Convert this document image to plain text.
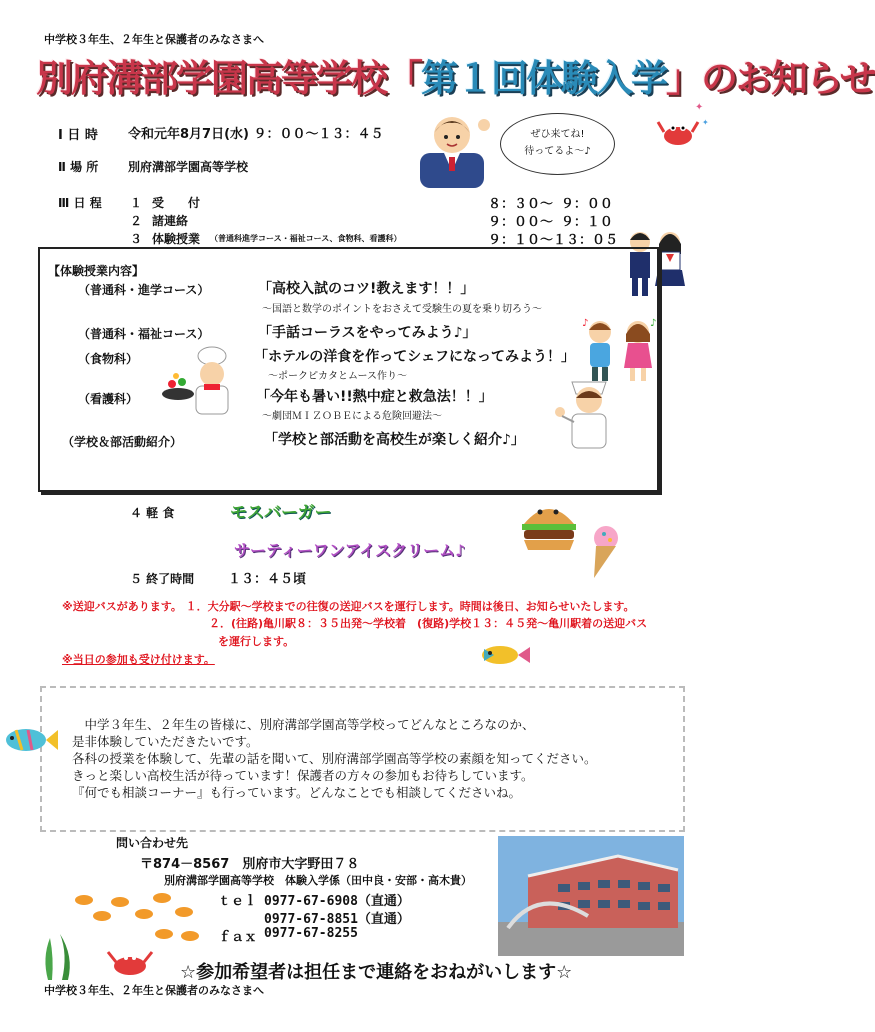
中学校３年生、２年生と保護者のみなさまへ
別府溝部学園高等学校「第１回体験入学」のお知らせ
✦
✦
ぜひ来てね!
待ってるよ～♪
Ⅰ 日 時 令和元年8月7日(水) ９：００～１３：４５
Ⅱ 場 所 別府溝部学園高等学校
Ⅲ 日 程 １ 受　　付	８：３０～ ９：００
２ 諸連絡	９：００～ ９：１０
３ 体験授業 （普通科進学コース・福祉コース、食物科、看護科）	９：１０～１３：０５
【体験授業内容】
（普通科・進学コース）	「高校入試のコツ!教えます！！」
～国語と数学のポイントをおさえて受験生の夏を乗り切ろう～
（普通科・福祉コース）	「手話コーラスをやってみよう♪」
（食物科）	「ホテルの洋食を作ってシェフになってみよう！」
～ポークピカタとムース作り～
（看護科）	「今年も暑い!!熱中症と救急法！！」
～劇団ＭＩＺＯＢＥによる危険回避法～
（学校＆部活動紹介）	「学校と部活動を高校生が楽しく紹介♪」
♪	♪
４ 軽 食	モスバーガー
サーティーワンアイスクリーム♪
５ 終了時間	１３：４５頃
※送迎バスがあります。 １．大分駅～学校までの往復の送迎バスを運行します。時間は後日、お知らせいたします。
２．(往路)亀川駅８：３５出発～学校着　(復路)学校１３：４５発～亀川駅着の送迎バス
を運行します。
※当日の参加も受け付けます。
　中学３年生、２年生の皆様に、別府溝部学園高等学校ってどんなところなのか、
是非体験していただきたいです。
各科の授業を体験して、先輩の話を聞いて、別府溝部学園高等学校の素顔を知ってください。
きっと楽しい高校生活が待っています！保護者の方々の参加もお待ちしています。
『何でも相談コーナー』も行っています。どんなことでも相談してくださいね。
問い合わせ先
〒874－8567　別府市大字野田７８
別府溝部学園高等学校　体験入学係（田中良・安部・高木貴）
ｔｅｌ 0977-67-6908（直通）
0977-67-8851（直通）
ｆａｘ 0977-67-8255
☆参加希望者は担任まで連絡をおねがいします☆
中学校３年生、２年生と保護者のみなさまへ
